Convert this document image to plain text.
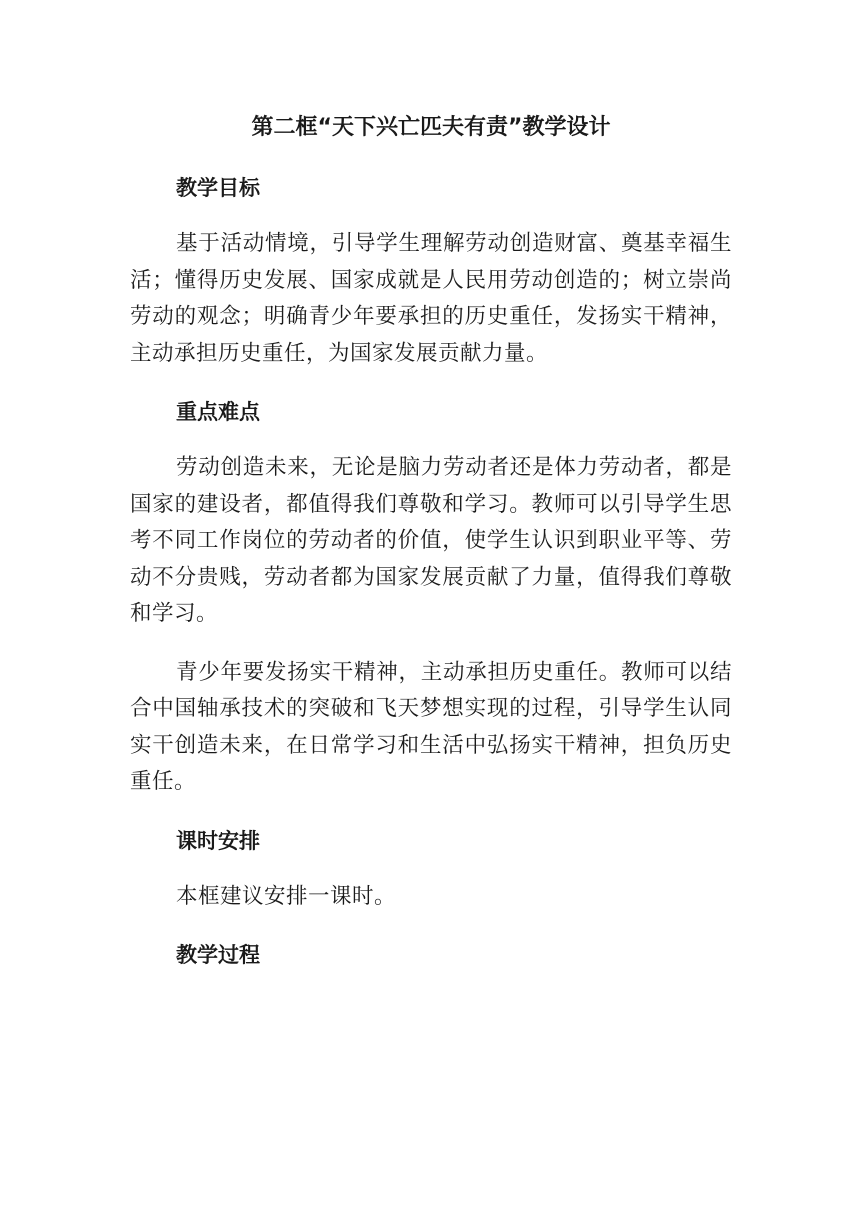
第二框“天下兴亡匹夫有责”教学设计
教学目标

基于活动情境，引导学生理解劳动创造财富、奠基幸福生活；懂得历史发展、国家成就是人民用劳动创造的；树立崇尚劳动的观念；明确青少年要承担的历史重任，发扬实干精神，主动承担历史重任，为国家发展贡献力量。

重点难点

劳动创造未来，无论是脑力劳动者还是体力劳动者，都是国家的建设者，都值得我们尊敬和学习。教师可以引导学生思考不同工作岗位的劳动者的价值，使学生认识到职业平等、劳动不分贵贱，劳动者都为国家发展贡献了力量，值得我们尊敬和学习。

青少年要发扬实干精神，主动承担历史重任。教师可以结合中国轴承技术的突破和飞天梦想实现的过程，引导学生认同实干创造未来，在日常学习和生活中弘扬实干精神，担负历史重任。

课时安排

本框建议安排一课时。

教学过程
